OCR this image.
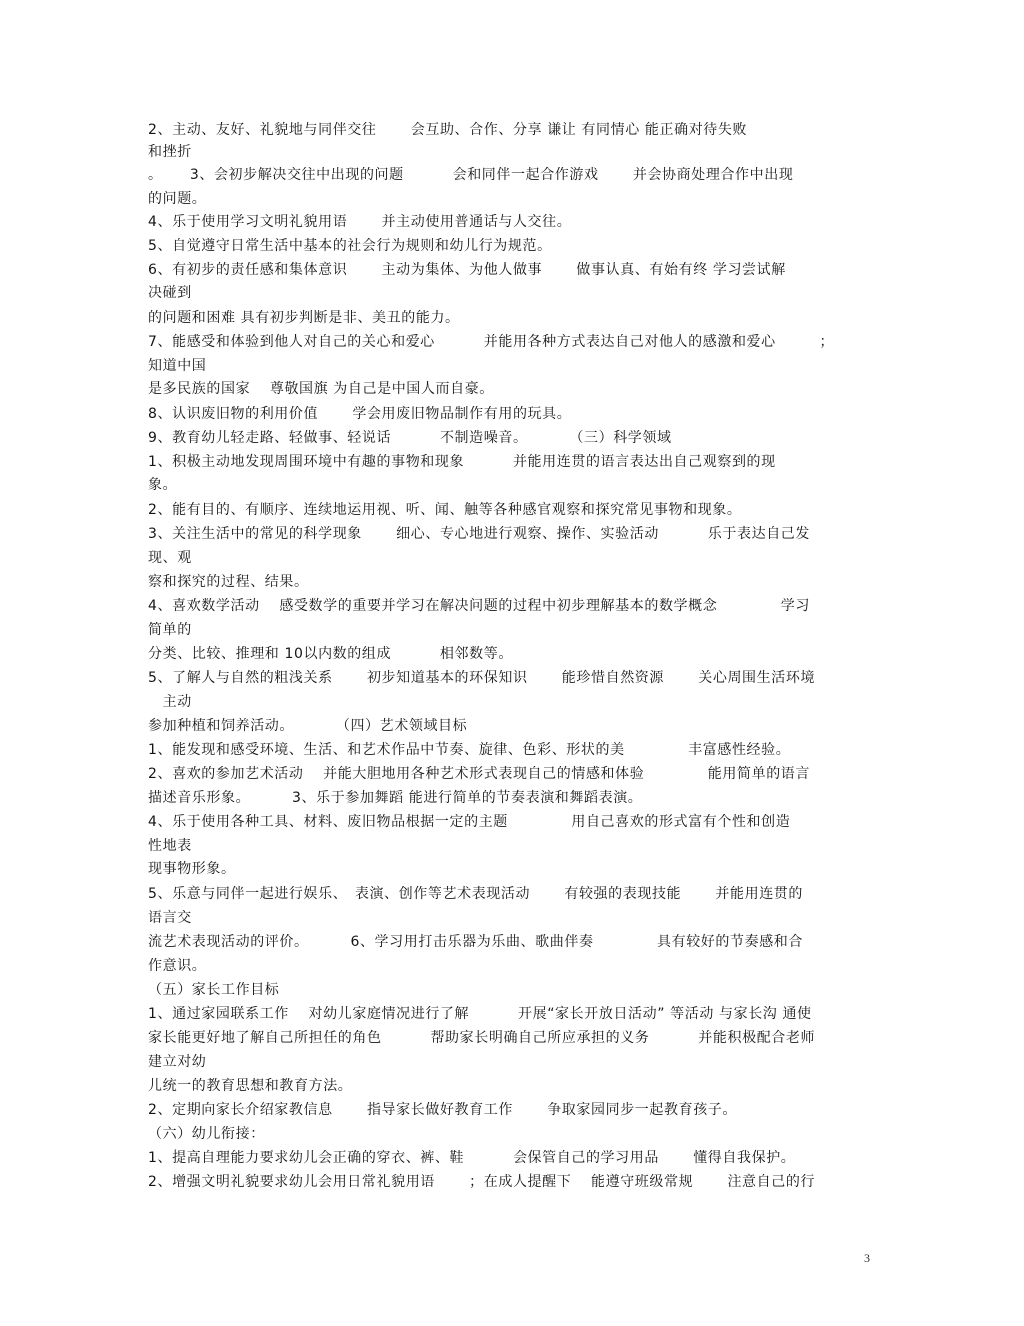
2、主动、友好、礼貌地与同伴交往　　 会互助、合作、分享 谦让 有同情心 能正确对待失败
和挫折
。　　 3、会初步解决交往中出现的问题　　　 会和同伴一起合作游戏　　 并会协商处理合作中出现
的问题。
4、乐于使用学习文明礼貌用语　　 并主动使用普通话与人交往。
5、自觉遵守日常生活中基本的社会行为规则和幼儿行为规范。
6、有初步的责任感和集体意识　　 主动为集体、为他人做事　　 做事认真、有始有终 学习尝试解
决碰到
的问题和困难 具有初步判断是非、美丑的能力。
7、能感受和体验到他人对自己的关心和爱心　　　 并能用各种方式表达自己对他人的感激和爱心　　　；
知道中国
是多民族的国家　 尊敬国旗 为自己是中国人而自豪。
8、认识废旧物的利用价值　　 学会用废旧物品制作有用的玩具。
9、教育幼儿轻走路、轻做事、轻说话　　　 不制造噪音。　　　 （三）科学领域
1、积极主动地发现周围环境中有趣的事物和现象　　　 并能用连贯的语言表达出自己观察到的现
象。
2、能有目的、有顺序、连续地运用视、听、闻、触等各种感官观察和探究常见事物和现象。
3、关注生活中的常见的科学现象　　 细心、专心地进行观察、操作、实验活动　　　 乐于表达自己发
现、观
察和探究的过程、结果。
4、喜欢数学活动　 感受数学的重要并学习在解决问题的过程中初步理解基本的数学概念　　　　 学习
简单的
分类、比较、推理和 10以内数的组成　　　 相邻数等。
5、了解人与自然的粗浅关系　　 初步知道基本的环保知识　　 能珍惜自然资源　　 关心周围生活环境
　主动
参加种植和饲养活动。　　　 （四）艺术领域目标
1、能发现和感受环境、生活、和艺术作品中节奏、旋律、色彩、形状的美　　　　 丰富感性经验。
2、喜欢的参加艺术活动　 并能大胆地用各种艺术形式表现自己的情感和体验　　　　 能用简单的语言
描述音乐形象。　　　 3、乐于参加舞蹈 能进行简单的节奏表演和舞蹈表演。
4、乐于使用各种工具、材料、废旧物品根据一定的主题　　　　 用自己喜欢的形式富有个性和创造
性地表
现事物形象。
5、乐意与同伴一起进行娱乐、　表演、创作等艺术表现活动　　 有较强的表现技能　　 并能用连贯的
语言交
流艺术表现活动的评价。　　　 6、学习用打击乐器为乐曲、歌曲伴奏　　　　 具有较好的节奏感和合
作意识。
（五）家长工作目标
1、通过家园联系工作　 对幼儿家庭情况进行了解　　　 开展“家长开放日活动” 等活动 与家长沟 通使
家长能更好地了解自己所担任的角色　　　 帮助家长明确自己所应承担的义务　　　 并能积极配合老师
建立对幼
儿统一的教育思想和教育方法。
2、定期向家长介绍家教信息　　 指导家长做好教育工作　　 争取家园同步一起教育孩子。
（六）幼儿衔接：
1、提高自理能力要求幼儿会正确的穿衣、裤、鞋　　　 会保管自己的学习用品　　 懂得自我保护。
2、增强文明礼貌要求幼儿会用日常礼貌用语　　 ；在成人提醒下　 能遵守班级常规　　 注意自己的行
3
